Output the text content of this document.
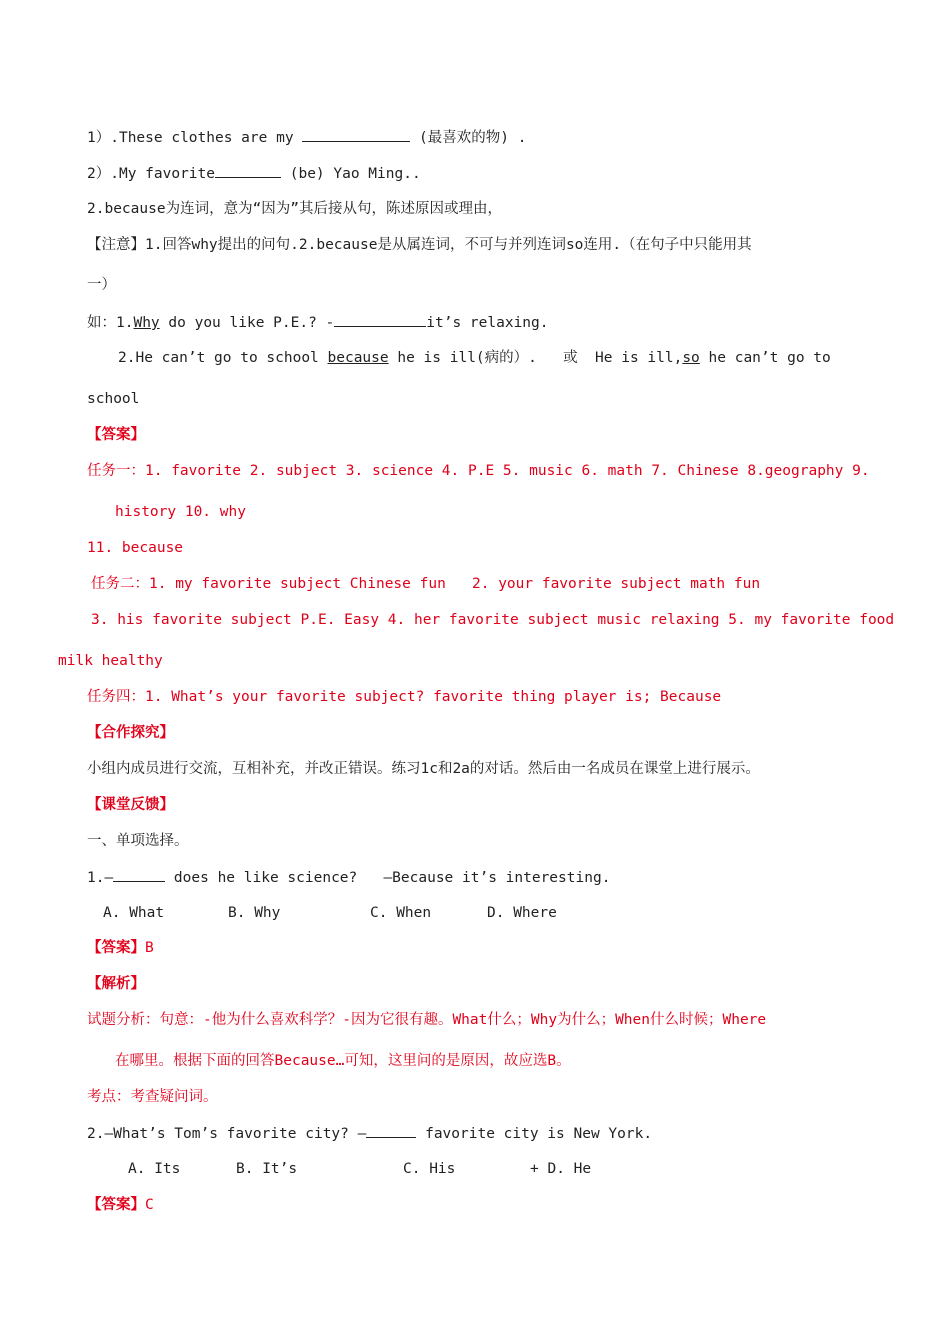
1）.These clothes are my	(最喜欢的物) .
2）.My favorite	(be) Yao Ming..
2.because为连词，意为“因为”其后接从句，陈述原因或理由，
【注意】1.回答why提出的问句.2.because是从属连词，不可与并列连词so连用.（在句子中只能用其
一）
如：1.Why do you like P.E.? -	it’s relaxing.
2.He can’t go to school because he is ill(病的）.   或  He is ill,so he can’t go to
school
【答案】
任务一：1. favorite 2. subject 3. science 4. P.E 5. music 6. math 7. Chinese 8.geography 9.
history 10. why
11. because
任务二：1. my favorite subject Chinese fun   2. your favorite subject math fun
3. his favorite subject P.E. Easy 4. her favorite subject music relaxing 5. my favorite food
milk healthy
任务四：1. What’s your favorite subject? favorite thing player is; Because
【合作探究】
小组内成员进行交流，互相补充，并改正错误。练习1c和2a的对话。然后由一名成员在课堂上进行展示。
【课堂反馈】
一、单项选择。
1.—	does he like science?   —Because it’s interesting.
A. What	B. Why	C. When	D. Where
【答案】B
【解析】
试题分析：句意：-他为什么喜欢科学？-因为它很有趣。What什么；Why为什么；When什么时候；Where
在哪里。根据下面的回答Because…可知，这里问的是原因，故应选B。
考点：考查疑问词。
2.—What’s Tom’s favorite city? —	favorite city is New York.
A. Its	B. It’s	C. His	+ D. He
【答案】C
